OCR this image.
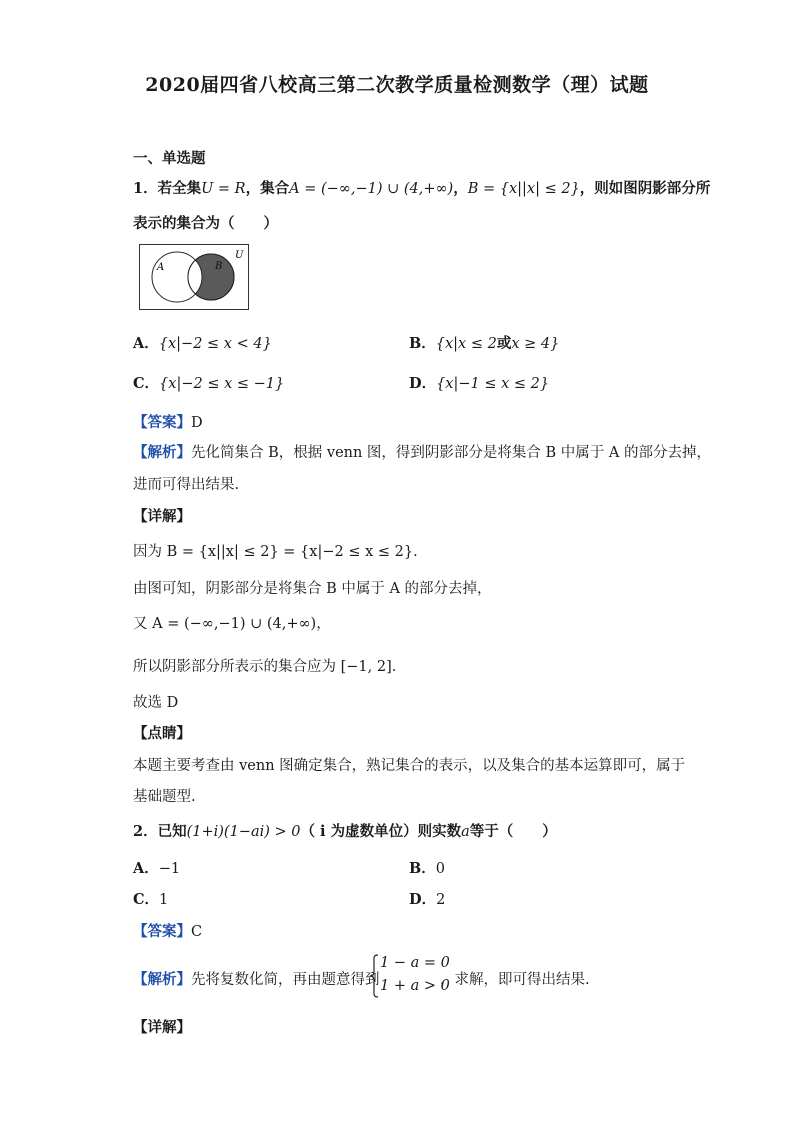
2020届四省八校高三第二次教学质量检测数学（理）试题
一、单选题
1．若全集U = R，集合A = (−∞,−1) ∪ (4,+∞)，B = {x||x| ≤ 2}，则如图阴影部分所
表示的集合为（　　）
A	B
U
A．{x|−2 ≤ x < 4}	B．{x|x ≤ 2或x ≥ 4}
C．{x|−2 ≤ x ≤ −1}	D．{x|−1 ≤ x ≤ 2}
【答案】D
【解析】先化简集合 B，根据 venn 图，得到阴影部分是将集合 B 中属于 A 的部分去掉，
进而可得出结果.
【详解】
因为 B = {x||x| ≤ 2} = {x|−2 ≤ x ≤ 2}.
由图可知，阴影部分是将集合 B 中属于 A 的部分去掉，
又 A = (−∞,−1) ∪ (4,+∞)，
所以阴影部分所表示的集合应为 [−1, 2].
故选 D
【点睛】
本题主要考查由 venn 图确定集合，熟记集合的表示，以及集合的基本运算即可，属于
基础题型.
2．已知(1+i)(1−ai) > 0（ i 为虚数单位）则实数a等于（　　）
A．−1	B．0
C．1	D．2
【答案】C
【解析】先将复数化简，再由题意得到
1 − a = 0
1 + a > 0
，求解，即可得出结果.
【详解】
